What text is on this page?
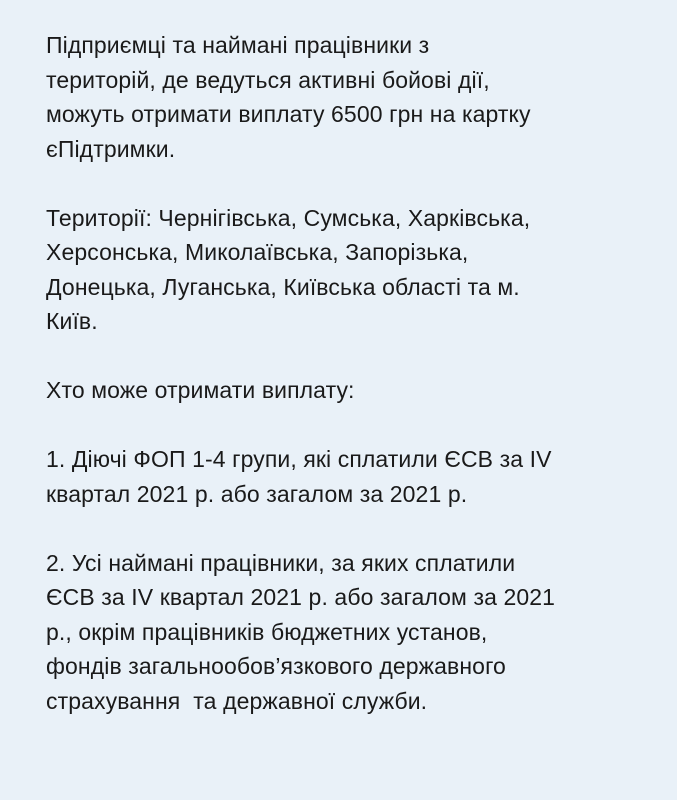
Підприємці та наймані працівники з
територій, де ведуться активні бойові дії,
можуть отримати виплату 6500 грн на картку
єПідтримки.

Території: Чернігівська, Сумська, Харківська,
Херсонська, Миколаївська, Запорізька,
Донецька, Луганська, Київська області та м.
Київ.

Хто може отримати виплату:

1. Діючі ФОП 1-4 групи, які сплатили ЄСВ за IV
квартал 2021 р. або загалом за 2021 р.

2. Усі наймані працівники, за яких сплатили
ЄСВ за IV квартал 2021 р. або загалом за 2021
р., окрім працівників бюджетних установ,
фондів загальнообов’язкового державного
страхування  та державної служби.
